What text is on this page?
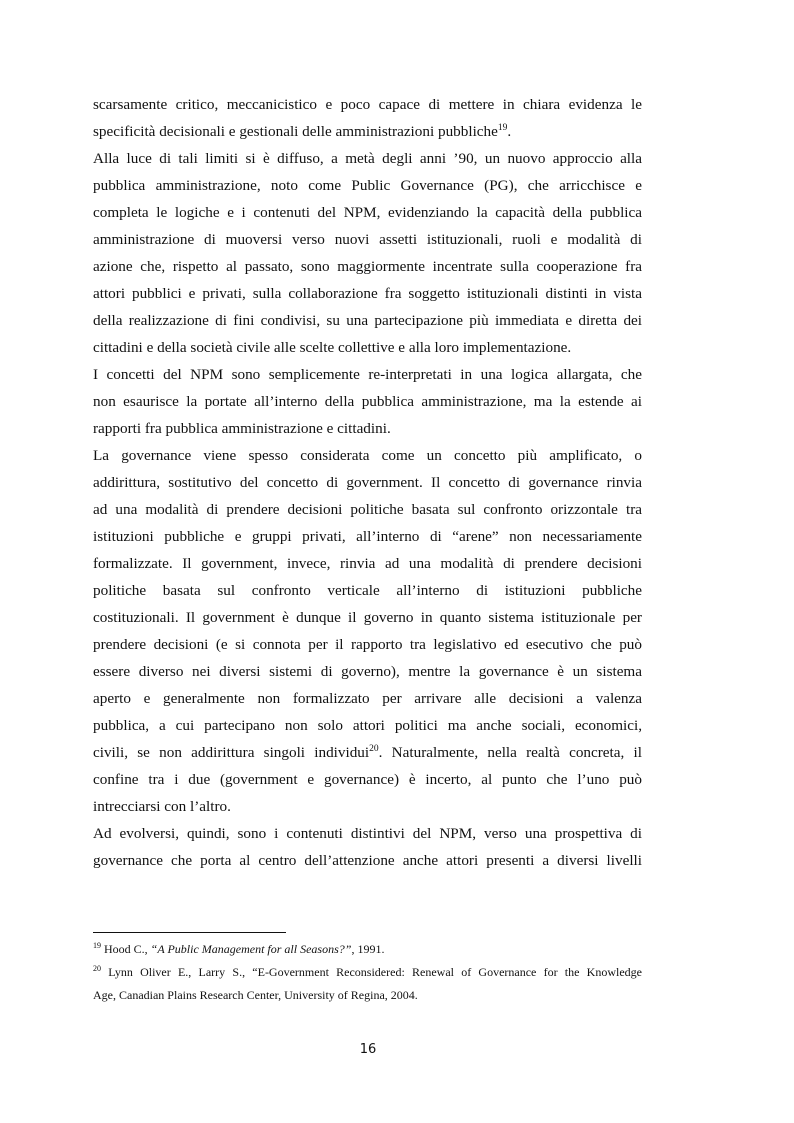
scarsamente critico, meccanicistico e poco capace di mettere in chiara evidenza le
specificità decisionali e gestionali delle amministrazioni pubbliche$^{19}$.
Alla luce di tali limiti si è diffuso, a metà degli anni ’90, un nuovo approccio alla
pubblica amministrazione, noto come Public Governance (PG), che arricchisce e
completa le logiche e i contenuti del NPM, evidenziando la capacità della pubblica
amministrazione di muoversi verso nuovi assetti istituzionali, ruoli e modalità di
azione che, rispetto al passato, sono maggiormente incentrate sulla cooperazione fra
attori pubblici e privati, sulla collaborazione fra soggetto istituzionali distinti in vista
della realizzazione di fini condivisi, su una partecipazione più immediata e diretta dei
cittadini e della società civile alle scelte collettive e alla loro implementazione.
I concetti del NPM sono semplicemente re-interpretati in una logica allargata, che
non esaurisce la portate all’interno della pubblica amministrazione, ma la estende ai
rapporti fra pubblica amministrazione e cittadini.
La governance viene spesso considerata come un concetto più amplificato, o
addirittura, sostitutivo del concetto di government. Il concetto di governance rinvia
ad una modalità di prendere decisioni politiche basata sul confronto orizzontale tra
istituzioni pubbliche e gruppi privati, all’interno di “arene” non necessariamente
formalizzate. Il government, invece, rinvia ad una modalità di prendere decisioni
politiche basata sul confronto verticale all’interno di istituzioni pubbliche
costituzionali. Il government è dunque il governo in quanto sistema istituzionale per
prendere decisioni (e si connota per il rapporto tra legislativo ed esecutivo che può
essere diverso nei diversi sistemi di governo), mentre la governance è un sistema
aperto e generalmente non formalizzato per arrivare alle decisioni a valenza
pubblica, a cui partecipano non solo attori politici ma anche sociali, economici,
civili, se non addirittura singoli individui$^{20}$. Naturalmente, nella realtà concreta, il
confine tra i due (government e governance) è incerto, al punto che l’uno può
intrecciarsi con l’altro.
Ad evolversi, quindi, sono i contenuti distintivi del NPM, verso una prospettiva di
governance che porta al centro dell’attenzione anche attori presenti a diversi livelli
$^{19}$ Hood C., “A Public Management for all Seasons?”, 1991.
$^{20}$ Lynn Oliver E., Larry S., “E-Government Reconsidered: Renewal of Governance for the Knowledge
Age, Canadian Plains Research Center, University of Regina, 2004.
16
